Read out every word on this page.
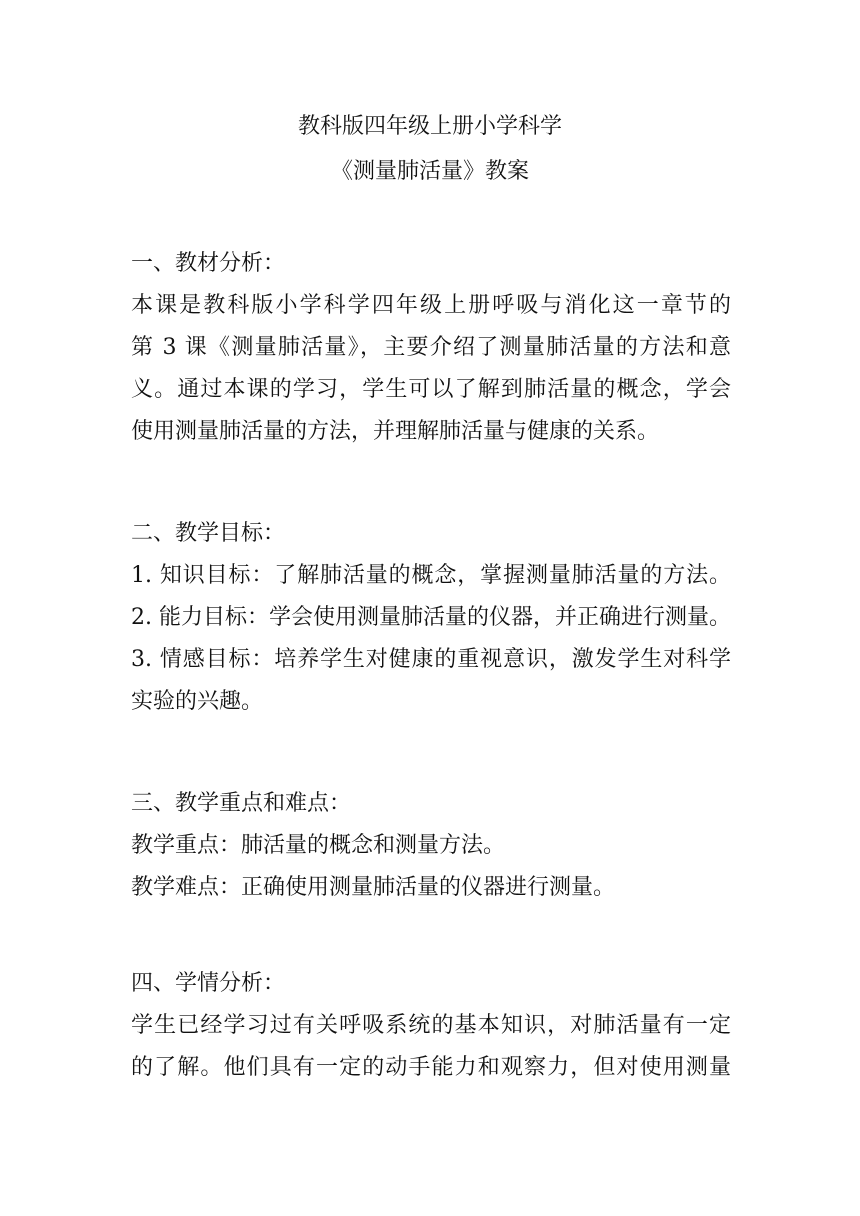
教科版四年级上册小学科学
《测量肺活量》教案
一、教材分析：
本课是教科版小学科学四年级上册呼吸与消化这一章节的
第 3 课《测量肺活量》，主要介绍了测量肺活量的方法和意
义。通过本课的学习，学生可以了解到肺活量的概念，学会
使用测量肺活量的方法，并理解肺活量与健康的关系。
二、教学目标：
1. 知识目标：了解肺活量的概念，掌握测量肺活量的方法。
2. 能力目标：学会使用测量肺活量的仪器，并正确进行测量。
3. 情感目标：培养学生对健康的重视意识，激发学生对科学
实验的兴趣。
三、教学重点和难点：
教学重点：肺活量的概念和测量方法。
教学难点：正确使用测量肺活量的仪器进行测量。
四、学情分析：
学生已经学习过有关呼吸系统的基本知识，对肺活量有一定
的了解。他们具有一定的动手能力和观察力，但对使用测量
